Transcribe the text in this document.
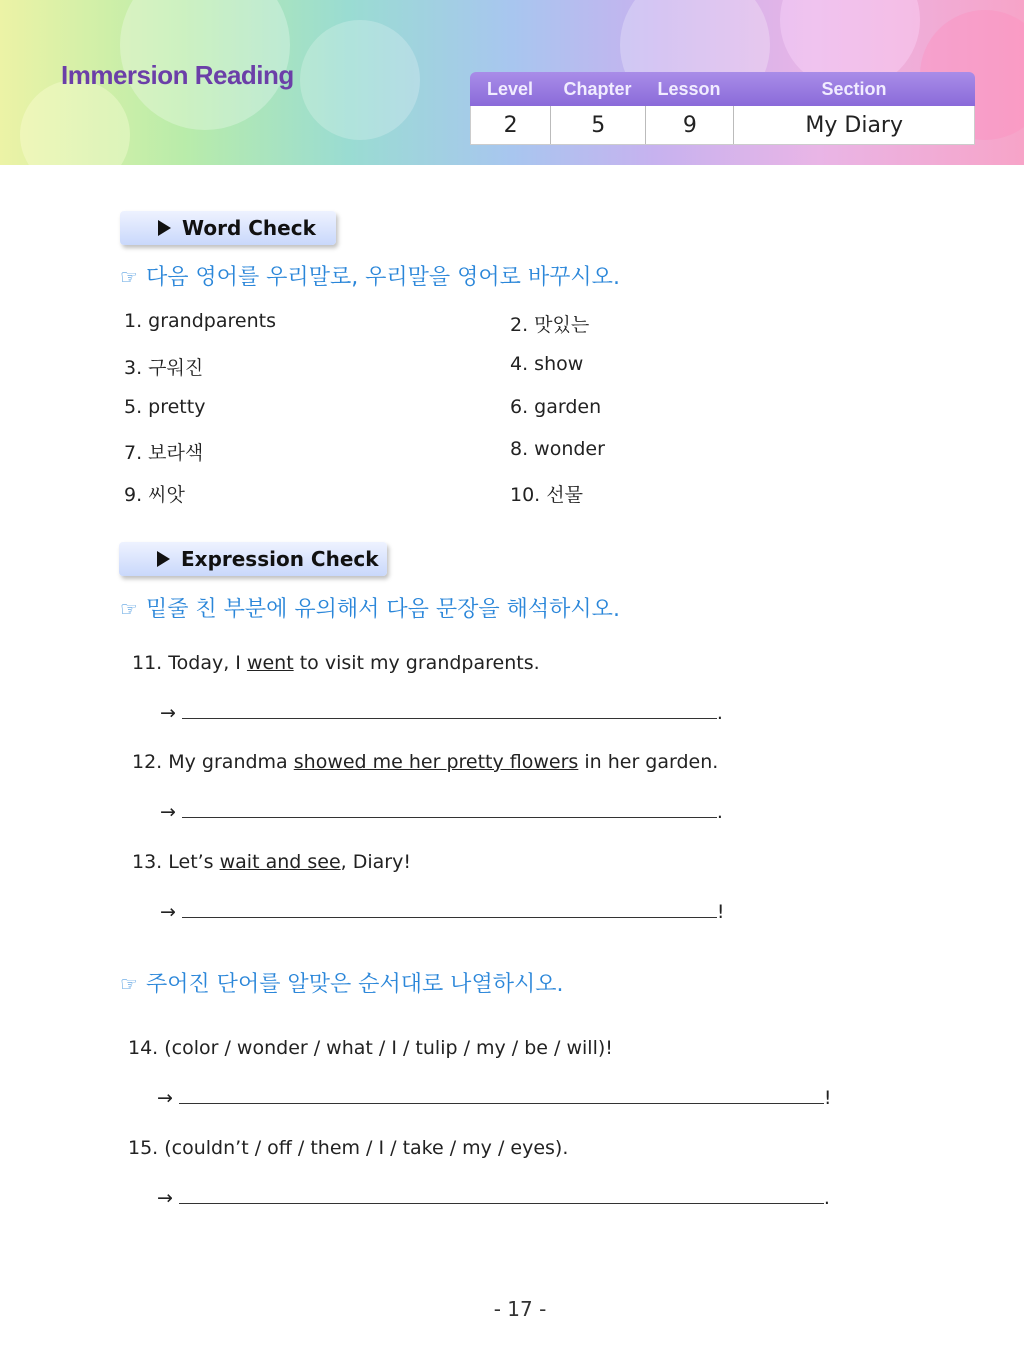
Immersion Reading	Level	Chapter	Lesson	Section
2	5	9	My Diary
Word Check
☞ 다음 영어를 우리말로, 우리말을 영어로 바꾸시오.
1. grandparents	2. 맛있는
3. 구워진	4. show
5. pretty	6. garden
7. 보라색	8. wonder
9. 씨앗	10. 선물
Expression Check
☞ 밑줄 친 부분에 유의해서 다음 문장을 해석하시오.
11. Today, I went to visit my grandparents.
→	.
12. My grandma showed me her pretty flowers in her garden.
→	.
13. Let’s wait and see, Diary!
→	!
☞ 주어진 단어를 알맞은 순서대로 나열하시오.
14. (color / wonder / what / I / tulip / my / be / will)!
→	!
15. (couldn’t / off / them / I / take / my / eyes).
→	.
- 17 -
